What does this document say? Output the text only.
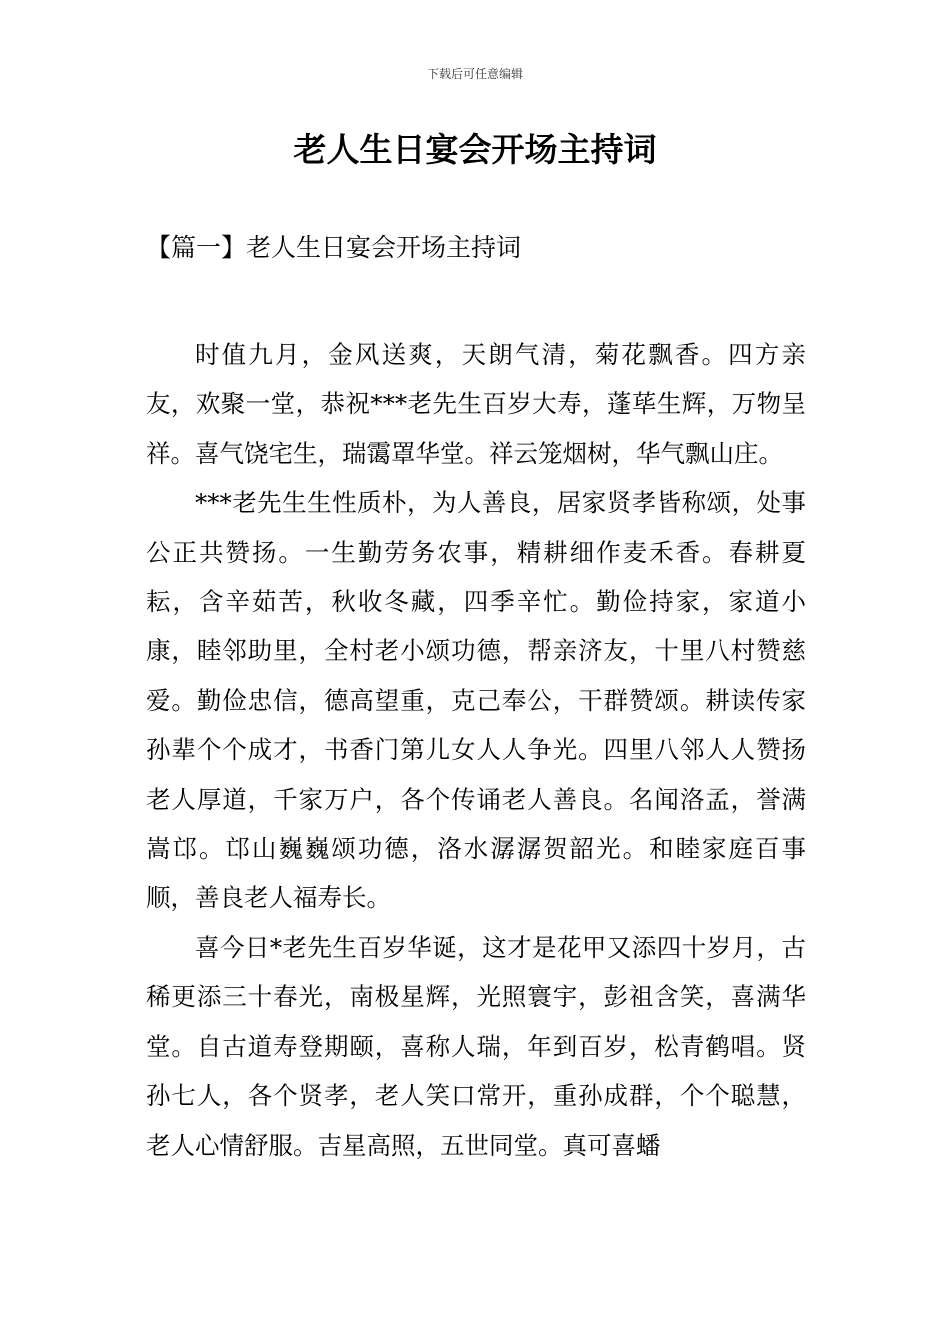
下载后可任意编辑
老人生日宴会开场主持词
【篇一】老人生日宴会开场主持词

时值九月，金风送爽，天朗气清，菊花飘香。四方亲友，欢聚一堂，恭祝***老先生百岁大寿，蓬荜生辉，万物呈祥。喜气饶宅生，瑞霭罩华堂。祥云笼烟树，华气飘山庄。

***老先生生性质朴，为人善良，居家贤孝皆称颂，处事公正共赞扬。一生勤劳务农事，精耕细作麦禾香。春耕夏耘，含辛茹苦，秋收冬藏，四季辛忙。勤俭持家，家道小康，睦邻助里，全村老小颂功德，帮亲济友，十里八村赞慈爱。勤俭忠信，德高望重，克己奉公，干群赞颂。耕读传家孙辈个个成才，书香门第儿女人人争光。四里八邻人人赞扬老人厚道，千家万户，各个传诵老人善良。名闻洛孟，誉满嵩邙。邙山巍巍颂功德，洛水潺潺贺韶光。和睦家庭百事顺，善良老人福寿长。

喜今日*老先生百岁华诞，这才是花甲又添四十岁月，古稀更添三十春光，南极星辉，光照寰宇，彭祖含笑，喜满华堂。自古道寿登期颐，喜称人瑞，年到百岁，松青鹤唱。贤孙七人，各个贤孝，老人笑口常开，重孙成群，个个聪慧，老人心情舒服。吉星高照，五世同堂。真可喜蟠
